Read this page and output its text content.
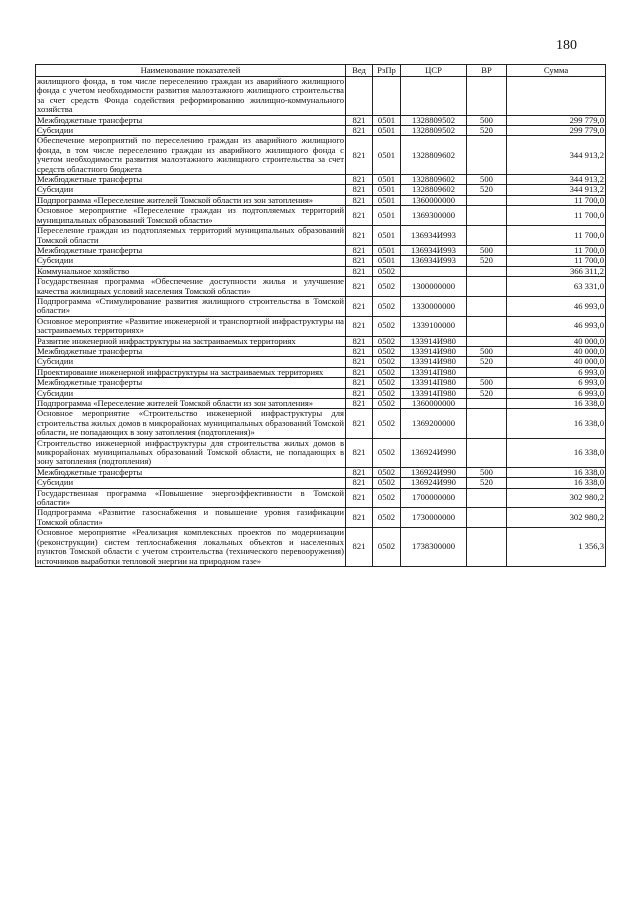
180
Наименование показателей	Вед	РзПр	ЦСР	ВР	Сумма
жилищного фонда, в том числе переселению граждан из аварийного жилищного фонда с учетом необходимости развития малоэтажного жилищного строительства за счет средств Фонда содействия реформированию жилищно-коммунального хозяйства					
Межбюджетные трансферты	821	0501	1328809502	500	299 779,0
Субсидии	821	0501	1328809502	520	299 779,0
Обеспечение мероприятий по переселению граждан из аварийного жилищного фонда, в том числе переселению граждан из аварийного жилищного фонда с учетом необходимости развития малоэтажного жилищного строительства за счет средств областного бюджета	821	0501	1328809602		344 913,2
Межбюджетные трансферты	821	0501	1328809602	500	344 913,2
Субсидии	821	0501	1328809602	520	344 913,2
Подпрограмма «Переселение жителей Томской области из зон затопления»	821	0501	1360000000		11 700,0
Основное мероприятие «Переселение граждан из подтопляемых территорий муниципальных образований Томской области»	821	0501	1369300000		11 700,0
Переселение граждан из подтопляемых территорий муниципальных образований Томской области	821	0501	136934И993		11 700,0
Межбюджетные трансферты	821	0501	136934И993	500	11 700,0
Субсидии	821	0501	136934И993	520	11 700,0
Коммунальное хозяйство	821	0502			366 311,2
Государственная программа «Обеспечение доступности жилья и улучшение качества жилищных условий населения Томской области»	821	0502	1300000000		63 331,0
Подпрограмма «Стимулирование развития жилищного строительства в Томской области»	821	0502	1330000000		46 993,0
Основное мероприятие «Развитие инженерной и транспортной инфраструктуры на застраиваемых территориях»	821	0502	1339100000		46 993,0
Развитие инженерной инфраструктуры на застраиваемых территориях	821	0502	133914И980		40 000,0
Межбюджетные трансферты	821	0502	133914И980	500	40 000,0
Субсидии	821	0502	133914И980	520	40 000,0
Проектирование инженерной инфраструктуры на застраиваемых территориях	821	0502	133914П980		6 993,0
Межбюджетные трансферты	821	0502	133914П980	500	6 993,0
Субсидии	821	0502	133914П980	520	6 993,0
Подпрограмма «Переселение жителей Томской области из зон затопления»	821	0502	1360000000		16 338,0
Основное мероприятие «Строительство инженерной инфраструктуры для строительства жилых домов в микрорайонах муниципальных образований Томской области, не попадающих в зону затопления (подтопления)»	821	0502	1369200000		16 338,0
Строительство инженерной инфраструктуры для строительства жилых домов в микрорайонах муниципальных образований Томской области, не попадающих в зону затопления (подтопления)	821	0502	136924И990		16 338,0
Межбюджетные трансферты	821	0502	136924И990	500	16 338,0
Субсидии	821	0502	136924И990	520	16 338,0
Государственная программа «Повышение энергоэффективности в Томской области»	821	0502	1700000000		302 980,2
Подпрограмма «Развитие газоснабжения и повышение уровня газификации Томской области»	821	0502	1730000000		302 980,2
Основное мероприятие «Реализация комплексных проектов по модернизации (реконструкции) систем теплоснабжения локальных объектов и населенных пунктов Томской области с учетом строительства (технического перевооружения) источников выработки тепловой энергии на природном газе»	821	0502	1738300000		1 356,3
